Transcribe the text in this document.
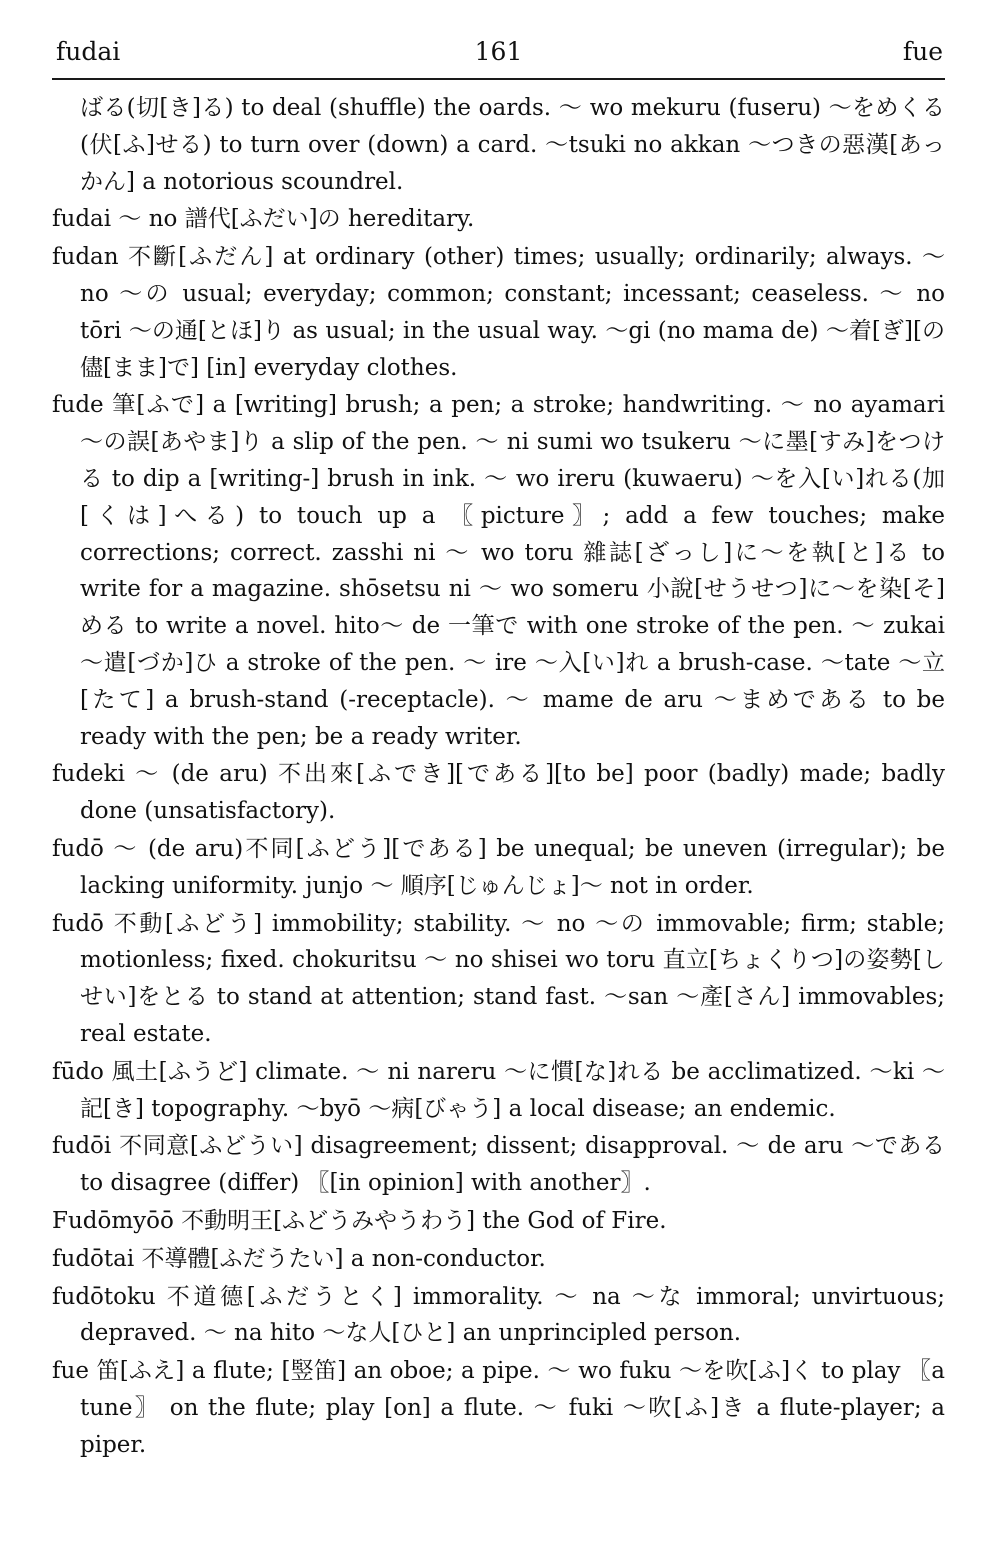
fudai	161	fue

ばる(切[き]る) to deal (shuffle) the oards. ～ wo mekuru (fuseru) ～をめくる(伏[ふ]せる) to turn over (down) a card. ～tsuki no akkan ～つきの惡漢[あっかん] a notorious scoundrel.

fudai ～ no 譜代[ふだい]の hereditary.

fudan 不斷[ふだん] at ordinary (other) times; usually; ordinarily; always. ～ no ～の usual; everyday; common; constant; incessant; ceaseless. ～ no tōri ～の通[とほ]り as usual; in the usual way. ～gi (no mama de) ～着[ぎ][の儘[まま]で] [in] everyday clothes.

fude 筆[ふで] a [writing] brush; a pen; a stroke; handwriting. ～ no ayamari ～の誤[あやま]り a slip of the pen. ～ ni sumi wo tsukeru ～に墨[すみ]をつける to dip a [writing-] brush in ink. ～ wo ireru (kuwaeru) ～を入[い]れる(加[くは]へる) to touch up a 〖picture〗; add a few touches; make corrections; correct. zasshi ni ～ wo toru 雜誌[ざっし]に～を執[と]る to write for a magazine. shōsetsu ni ～ wo someru 小說[せうせつ]に～を染[そ]める to write a novel. hito～ de 一筆で with one stroke of the pen. ～ zukai ～遣[づか]ひ a stroke of the pen. ～ ire ～入[い]れ a brush-case. ～tate ～立[たて] a brush-stand (-receptacle). ～ mame de aru ～まめである to be ready with the pen; be a ready writer.

fudeki ～ (de aru) 不出來[ふでき][である][to be] poor (badly) made; badly done (unsatisfactory).

fudō ～ (de aru)不同[ふどう][である] be unequal; be uneven (irregular); be lacking uniformity. junjo ～ 順序[じゅんじょ]～ not in order.

fudō 不動[ふどう] immobility; stability. ～ no ～の immovable; firm; stable; motionless; fixed. chokuritsu ～ no shisei wo toru 直立[ちょくりつ]の姿勢[しせい]をとる to stand at attention; stand fast. ～san ～產[さん] immovables; real estate.

fūdo 風土[ふうど] climate. ～ ni nareru ～に慣[な]れる be acclimatized. ～ki ～記[き] topography. ～byō ～病[びゃう] a local disease; an endemic.

fudōi 不同意[ふどうい] disagreement; dissent; disapproval. ～ de aru ～である to disagree (differ) 〖[in opinion] with another〗.

Fudōmyōō 不動明王[ふどうみやうわう] the God of Fire.

fudōtai 不導體[ふだうたい] a non-conductor.

fudōtoku 不道德[ふだうとく] immorality. ～ na ～な immoral; unvirtuous; depraved. ～ na hito ～な人[ひと] an unprincipled person.

fue 笛[ふえ] a flute; [竪笛] an oboe; a pipe. ～ wo fuku ～を吹[ふ]く to play 〖a tune〗 on the flute; play [on] a flute. ～ fuki ～吹[ふ]き a flute-player; a piper.
